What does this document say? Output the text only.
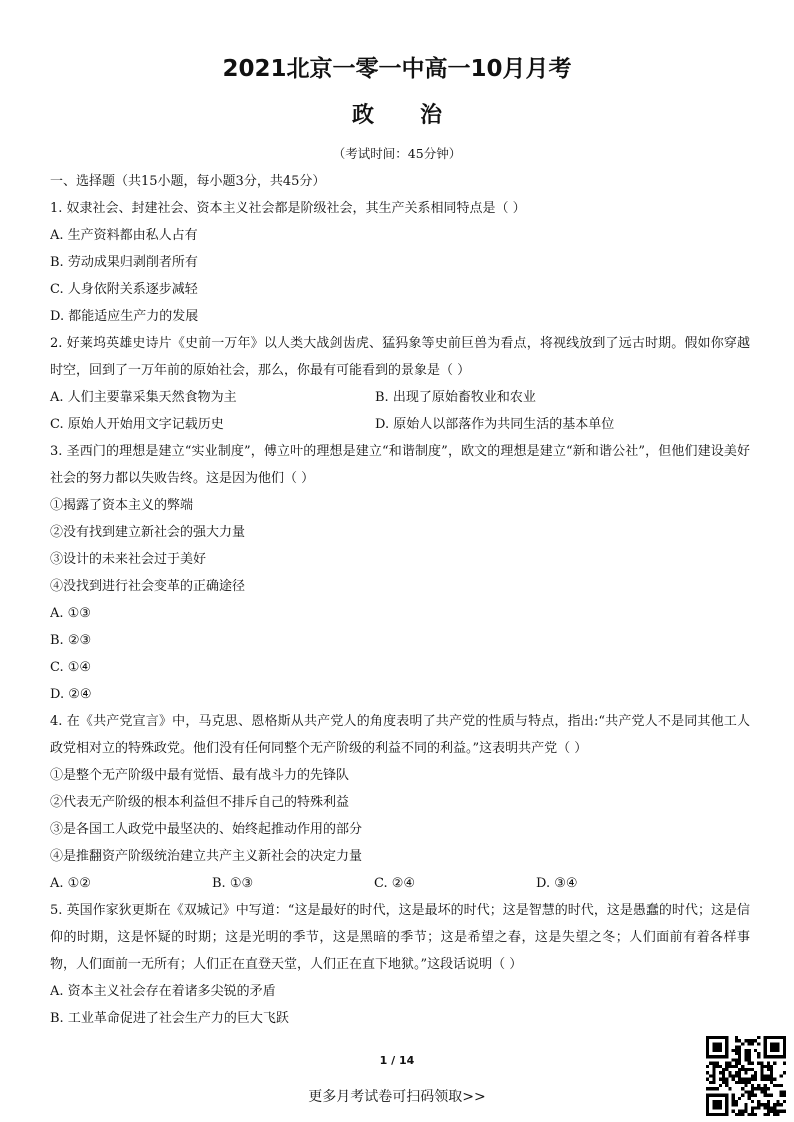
2021北京一零一中高一10月月考
政治
（考试时间：45分钟）
一、选择题（共15小题，每小题3分，共45分）
1. 奴隶社会、封建社会、资本主义社会都是阶级社会，其生产关系相同特点是（ ）
A. 生产资料都由私人占有
B. 劳动成果归剥削者所有
C. 人身依附关系逐步减轻
D. 都能适应生产力的发展
2. 好莱坞英雄史诗片《史前一万年》以人类大战剑齿虎、猛犸象等史前巨兽为看点，将视线放到了远古时期。假如你穿越时空，回到了一万年前的原始社会，那么，你最有可能看到的景象是（ ）
A. 人们主要靠采集天然食物为主	B. 出现了原始畜牧业和农业
C. 原始人开始用文字记载历史	D. 原始人以部落作为共同生活的基本单位
3. 圣西门的理想是建立“实业制度”，傅立叶的理想是建立“和谐制度”，欧文的理想是建立“新和谐公社”，但他们建设美好社会的努力都以失败告终。这是因为他们（ ）
①揭露了资本主义的弊端
②没有找到建立新社会的强大力量
③设计的未来社会过于美好
④没找到进行社会变革的正确途径
A. ①③
B. ②③
C. ①④
D. ②④
4. 在《共产党宣言》中，马克思、恩格斯从共产党人的角度表明了共产党的性质与特点，指出:“共产党人不是同其他工人政党相对立的特殊政党。他们没有任何同整个无产阶级的利益不同的利益。”这表明共产党（ ）
①是整个无产阶级中最有觉悟、最有战斗力的先锋队
②代表无产阶级的根本利益但不排斥自己的特殊利益
③是各国工人政党中最坚决的、始终起推动作用的部分
④是推翻资产阶级统治建立共产主义新社会的决定力量
A. ①②	B. ①③	C. ②④	D. ③④
5. 英国作家狄更斯在《双城记》中写道：“这是最好的时代，这是最坏的时代；这是智慧的时代，这是愚蠢的时代；这是信仰的时期，这是怀疑的时期；这是光明的季节，这是黑暗的季节；这是希望之春，这是失望之冬；人们面前有着各样事物，人们面前一无所有；人们正在直登天堂，人们正在直下地狱。”这段话说明（ ）
A. 资本主义社会存在着诸多尖锐的矛盾
B. 工业革命促进了社会生产力的巨大飞跃
1 / 14
更多月考试卷可扫码领取>>
